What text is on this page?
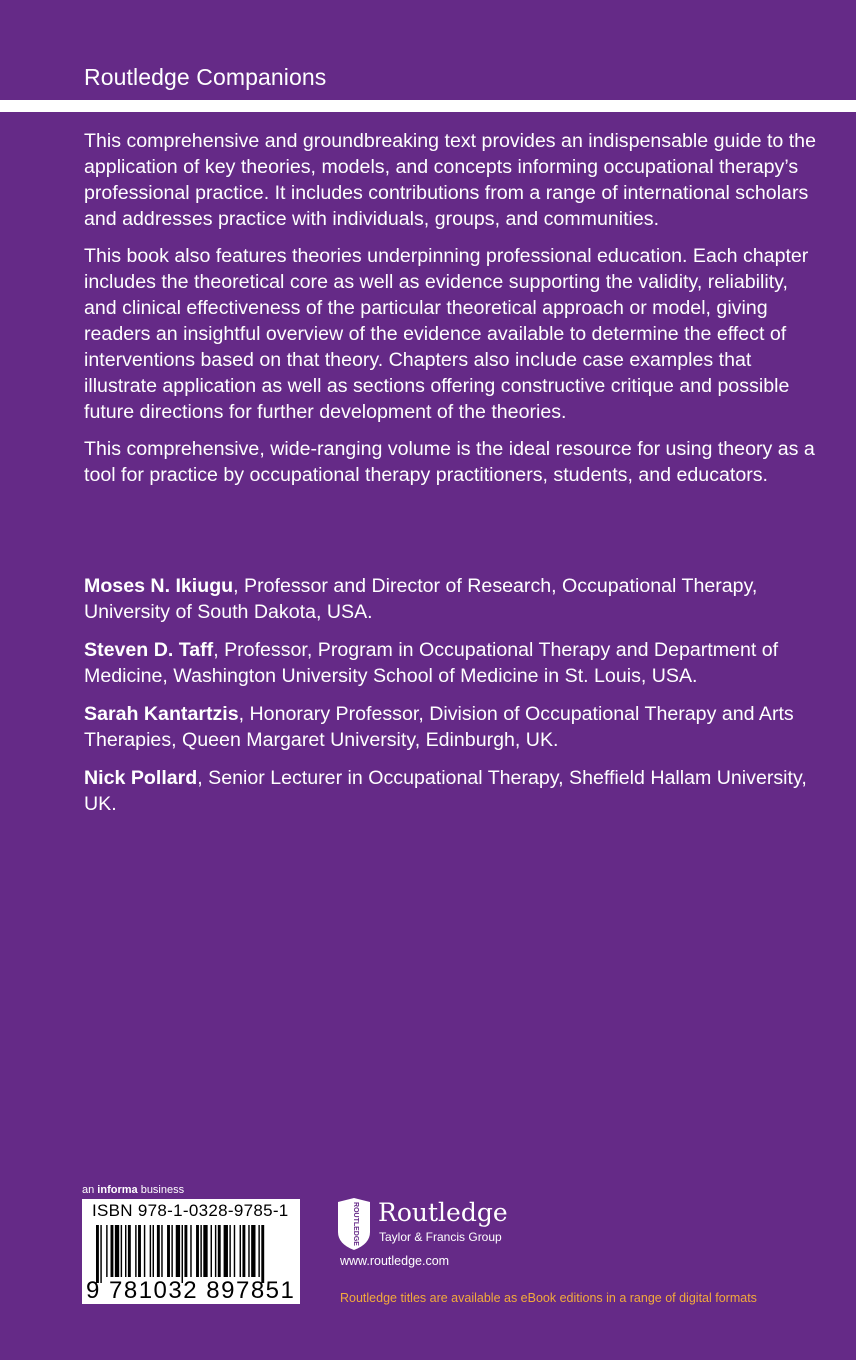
Routledge Companions

This comprehensive and groundbreaking text provides an indispensable guide to the application of key theories, models, and concepts informing occupational therapy’s professional practice. It includes contributions from a range of international scholars and addresses practice with individuals, groups, and communities.

This book also features theories underpinning professional education. Each chapter includes the theoretical core as well as evidence supporting the validity, reliability, and clinical effectiveness of the particular theoretical approach or model, giving readers an insightful overview of the evidence available to determine the effect of interventions based on that theory. Chapters also include case examples that illustrate application as well as sections offering constructive critique and possible future directions for further development of the theories.

This comprehensive, wide-ranging volume is the ideal resource for using theory as a tool for practice by occupational therapy practitioners, students, and educators.

Moses N. Ikiugu, Professor and Director of Research, Occupational Therapy, University of South Dakota, USA.
Steven D. Taff, Professor, Program in Occupational Therapy and Department of Medicine, Washington University School of Medicine in St. Louis, USA.
Sarah Kantartzis, Honorary Professor, Division of Occupational Therapy and Arts Therapies, Queen Margaret University, Edinburgh, UK.
Nick Pollard, Senior Lecturer in Occupational Therapy, Sheffield Hallam University, UK.
an informa business
ISBN 978-1-0328-9785-1
9 781032 897851
ROUTLEDGE Routledge
Taylor & Francis Group
www.routledge.com
Routledge titles are available as eBook editions in a range of digital formats
